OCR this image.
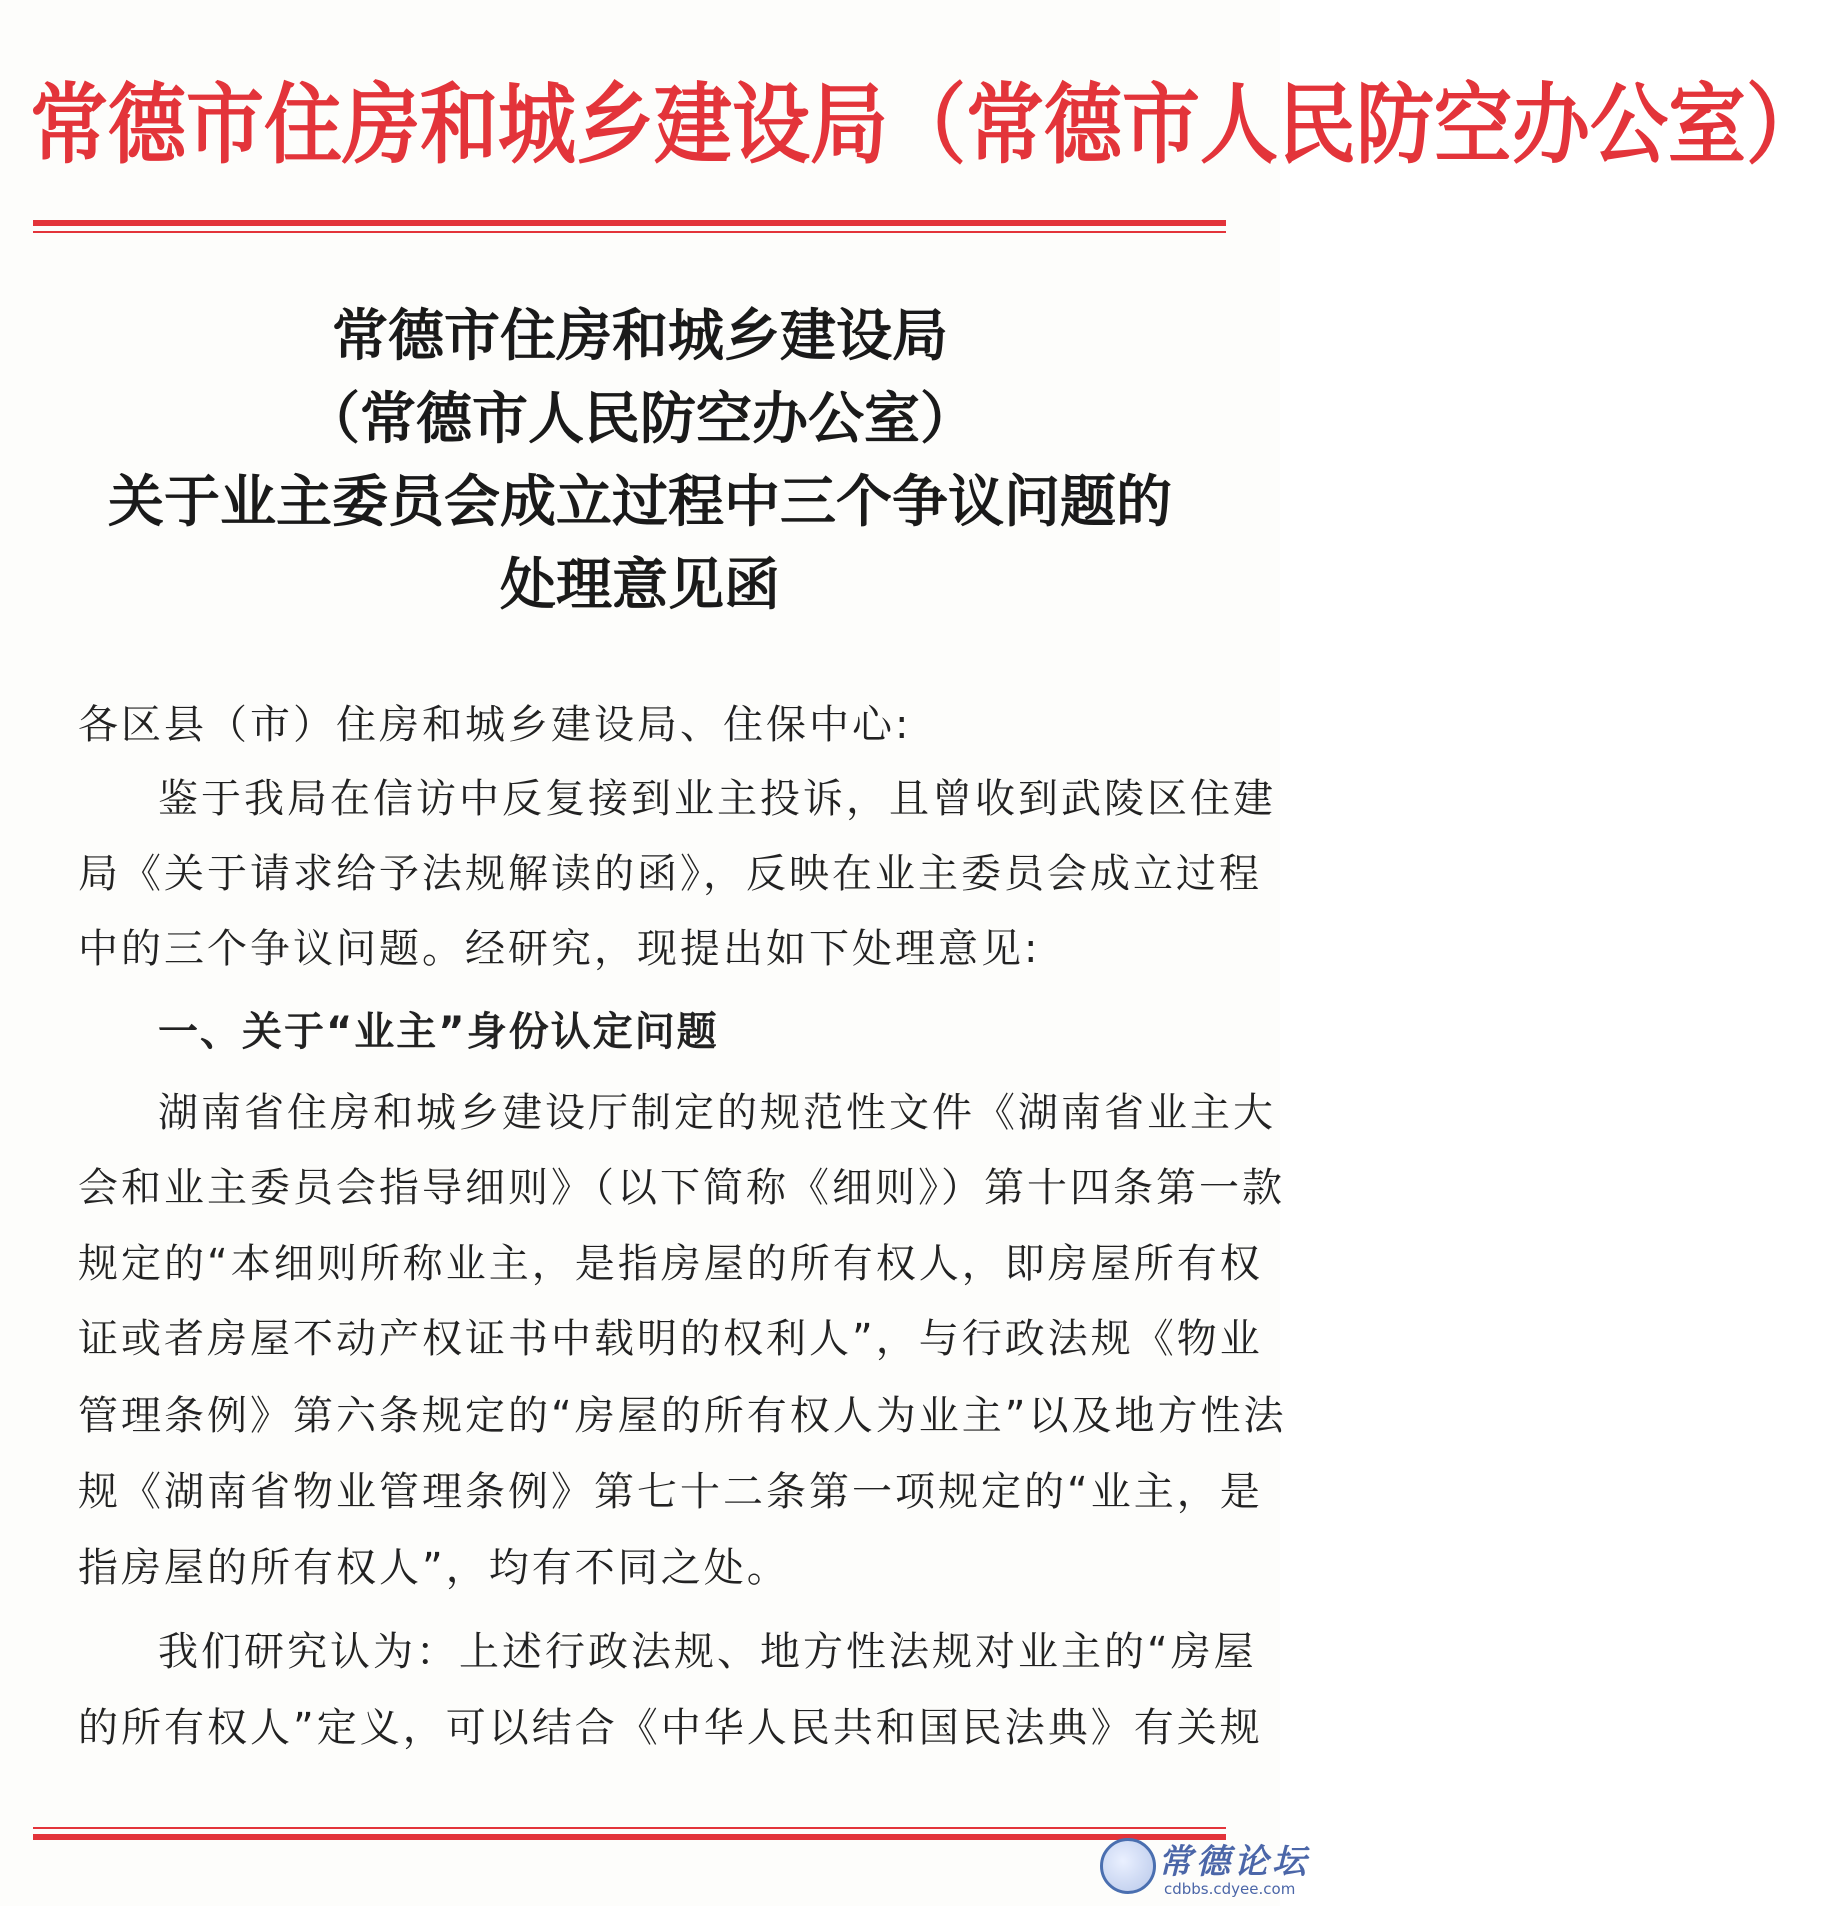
常德市住房和城乡建设局（常德市人民防空办公室）
常德市住房和城乡建设局
（常德市人民防空办公室）
关于业主委员会成立过程中三个争议问题的
处理意见函
各区县（市）住房和城乡建设局、住保中心:
鉴于我局在信访中反复接到业主投诉，且曾收到武陵区住建
局《关于请求给予法规解读的函》，反映在业主委员会成立过程
中的三个争议问题。经研究，现提出如下处理意见:
一、关于“业主”身份认定问题
湖南省住房和城乡建设厅制定的规范性文件《湖南省业主大
会和业主委员会指导细则》（以下简称《细则》）第十四条第一款
规定的“本细则所称业主，是指房屋的所有权人，即房屋所有权
证或者房屋不动产权证书中载明的权利人”，与行政法规《物业
管理条例》第六条规定的“房屋的所有权人为业主”以及地方性法
规《湖南省物业管理条例》第七十二条第一项规定的“业主，是
指房屋的所有权人”，均有不同之处。
我们研究认为：上述行政法规、地方性法规对业主的“房屋
的所有权人”定义，可以结合《中华人民共和国民法典》有关规
常德论坛
cdbbs.cdyee.com
